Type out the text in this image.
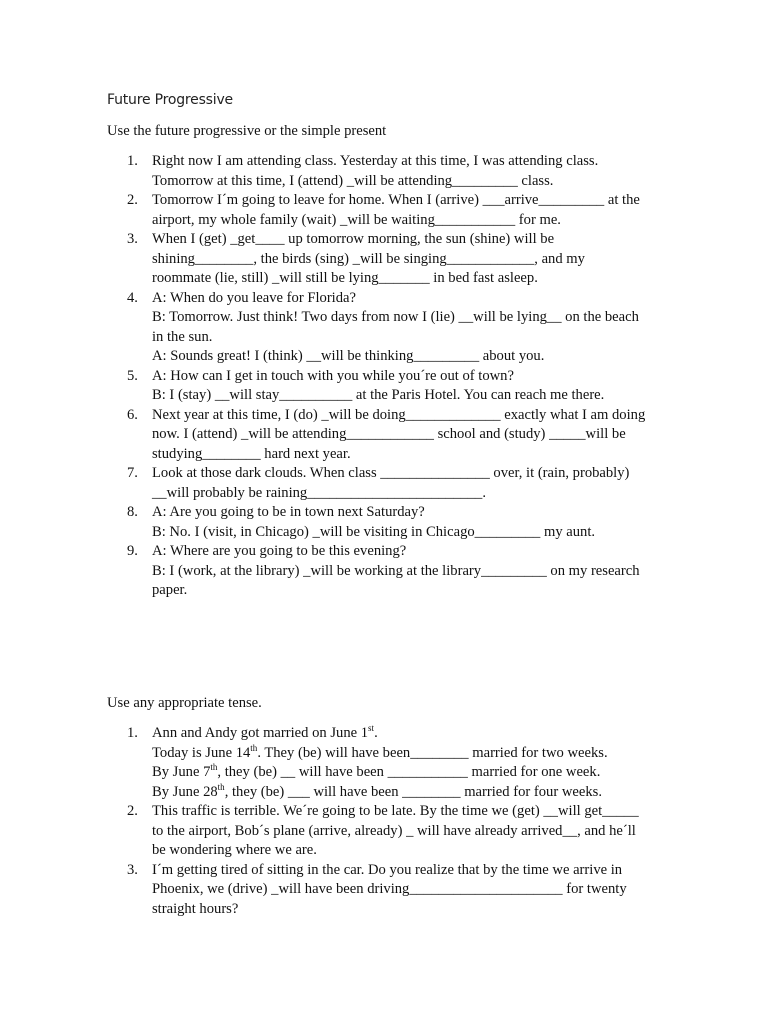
Future Progressive

Use the future progressive or the simple present

1. Right now I am attending class. Yesterday at this time, I was attending class.
Tomorrow at this time, I (attend) _will be attending_________ class.
2. Tomorrow I´m going to leave for home. When I (arrive) ___arrive_________ at the
airport, my whole family (wait) _will be waiting___________ for me.
3. When I (get) _get____ up tomorrow morning, the sun (shine) will be
shining________, the birds (sing) _will be singing____________, and my
roommate (lie, still) _will still be lying_______ in bed fast asleep.
4. A: When do you leave for Florida?
B: Tomorrow. Just think! Two days from now I (lie) __will be lying__ on the beach
in the sun.
A: Sounds great! I (think) __will be thinking_________ about you.
5. A: How can I get in touch with you while you´re out of town?
B: I (stay) __will stay__________ at the Paris Hotel. You can reach me there.
6. Next year at this time, I (do) _will be doing_____________ exactly what I am doing
now. I (attend) _will be attending____________ school and (study) _____will be
studying________ hard next year.
7. Look at those dark clouds. When class _______________ over, it (rain, probably)
__will probably be raining________________________.
8. A: Are you going to be in town next Saturday?
B: No. I (visit, in Chicago) _will be visiting in Chicago_________ my aunt.
9. A: Where are you going to be this evening?
B: I (work, at the library) _will be working at the library_________ on my research
paper.

Use any appropriate tense.

1. Ann and Andy got married on June 1st.
Today is June 14th. They (be) will have been________ married for two weeks.
By June 7th, they (be) __ will have been ___________ married for one week.
By June 28th, they (be) ___ will have been ________ married for four weeks.
2. This traffic is terrible. We´re going to be late. By the time we (get) __will get_____
to the airport, Bob´s plane (arrive, already) _ will have already arrived__, and he´ll
be wondering where we are.
3. I´m getting tired of sitting in the car. Do you realize that by the time we arrive in
Phoenix, we (drive) _will have been driving_____________________ for twenty
straight hours?
